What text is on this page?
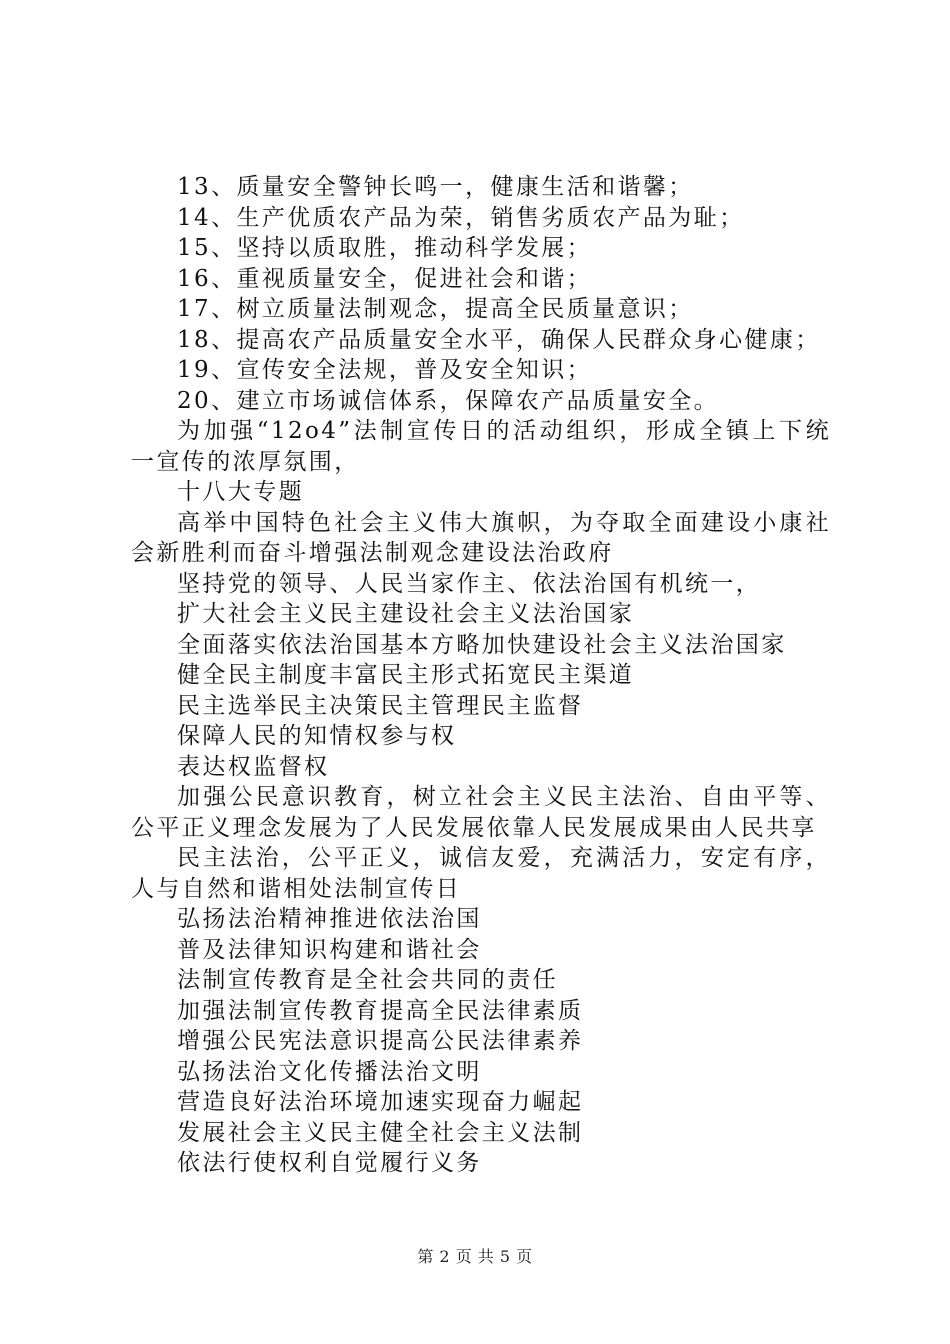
13、质量安全警钟长鸣一，健康生活和谐馨；

14、生产优质农产品为荣，销售劣质农产品为耻；

15、坚持以质取胜，推动科学发展；

16、重视质量安全，促进社会和谐；

17、树立质量法制观念，提高全民质量意识；

18、提高农产品质量安全水平，确保人民群众身心健康；

19、宣传安全法规，普及安全知识；

20、建立市场诚信体系，保障农产品质量安全。

为加强“12o4”法制宣传日的活动组织，形成全镇上下统一宣传的浓厚氛围，

十八大专题

高举中国特色社会主义伟大旗帜，为夺取全面建设小康社会新胜利而奋斗增强法制观念建设法治政府

坚持党的领导、人民当家作主、依法治国有机统一，

扩大社会主义民主建设社会主义法治国家

全面落实依法治国基本方略加快建设社会主义法治国家

健全民主制度丰富民主形式拓宽民主渠道

民主选举民主决策民主管理民主监督

保障人民的知情权参与权

表达权监督权

加强公民意识教育，树立社会主义民主法治、自由平等、公平正义理念发展为了人民发展依靠人民发展成果由人民共享

民主法治，公平正义，诚信友爱，充满活力，安定有序，人与自然和谐相处法制宣传日

弘扬法治精神推进依法治国

普及法律知识构建和谐社会

法制宣传教育是全社会共同的责任

加强法制宣传教育提高全民法律素质

增强公民宪法意识提高公民法律素养

弘扬法治文化传播法治文明

营造良好法治环境加速实现奋力崛起

发展社会主义民主健全社会主义法制

依法行使权利自觉履行义务

第 2 页 共 5 页
